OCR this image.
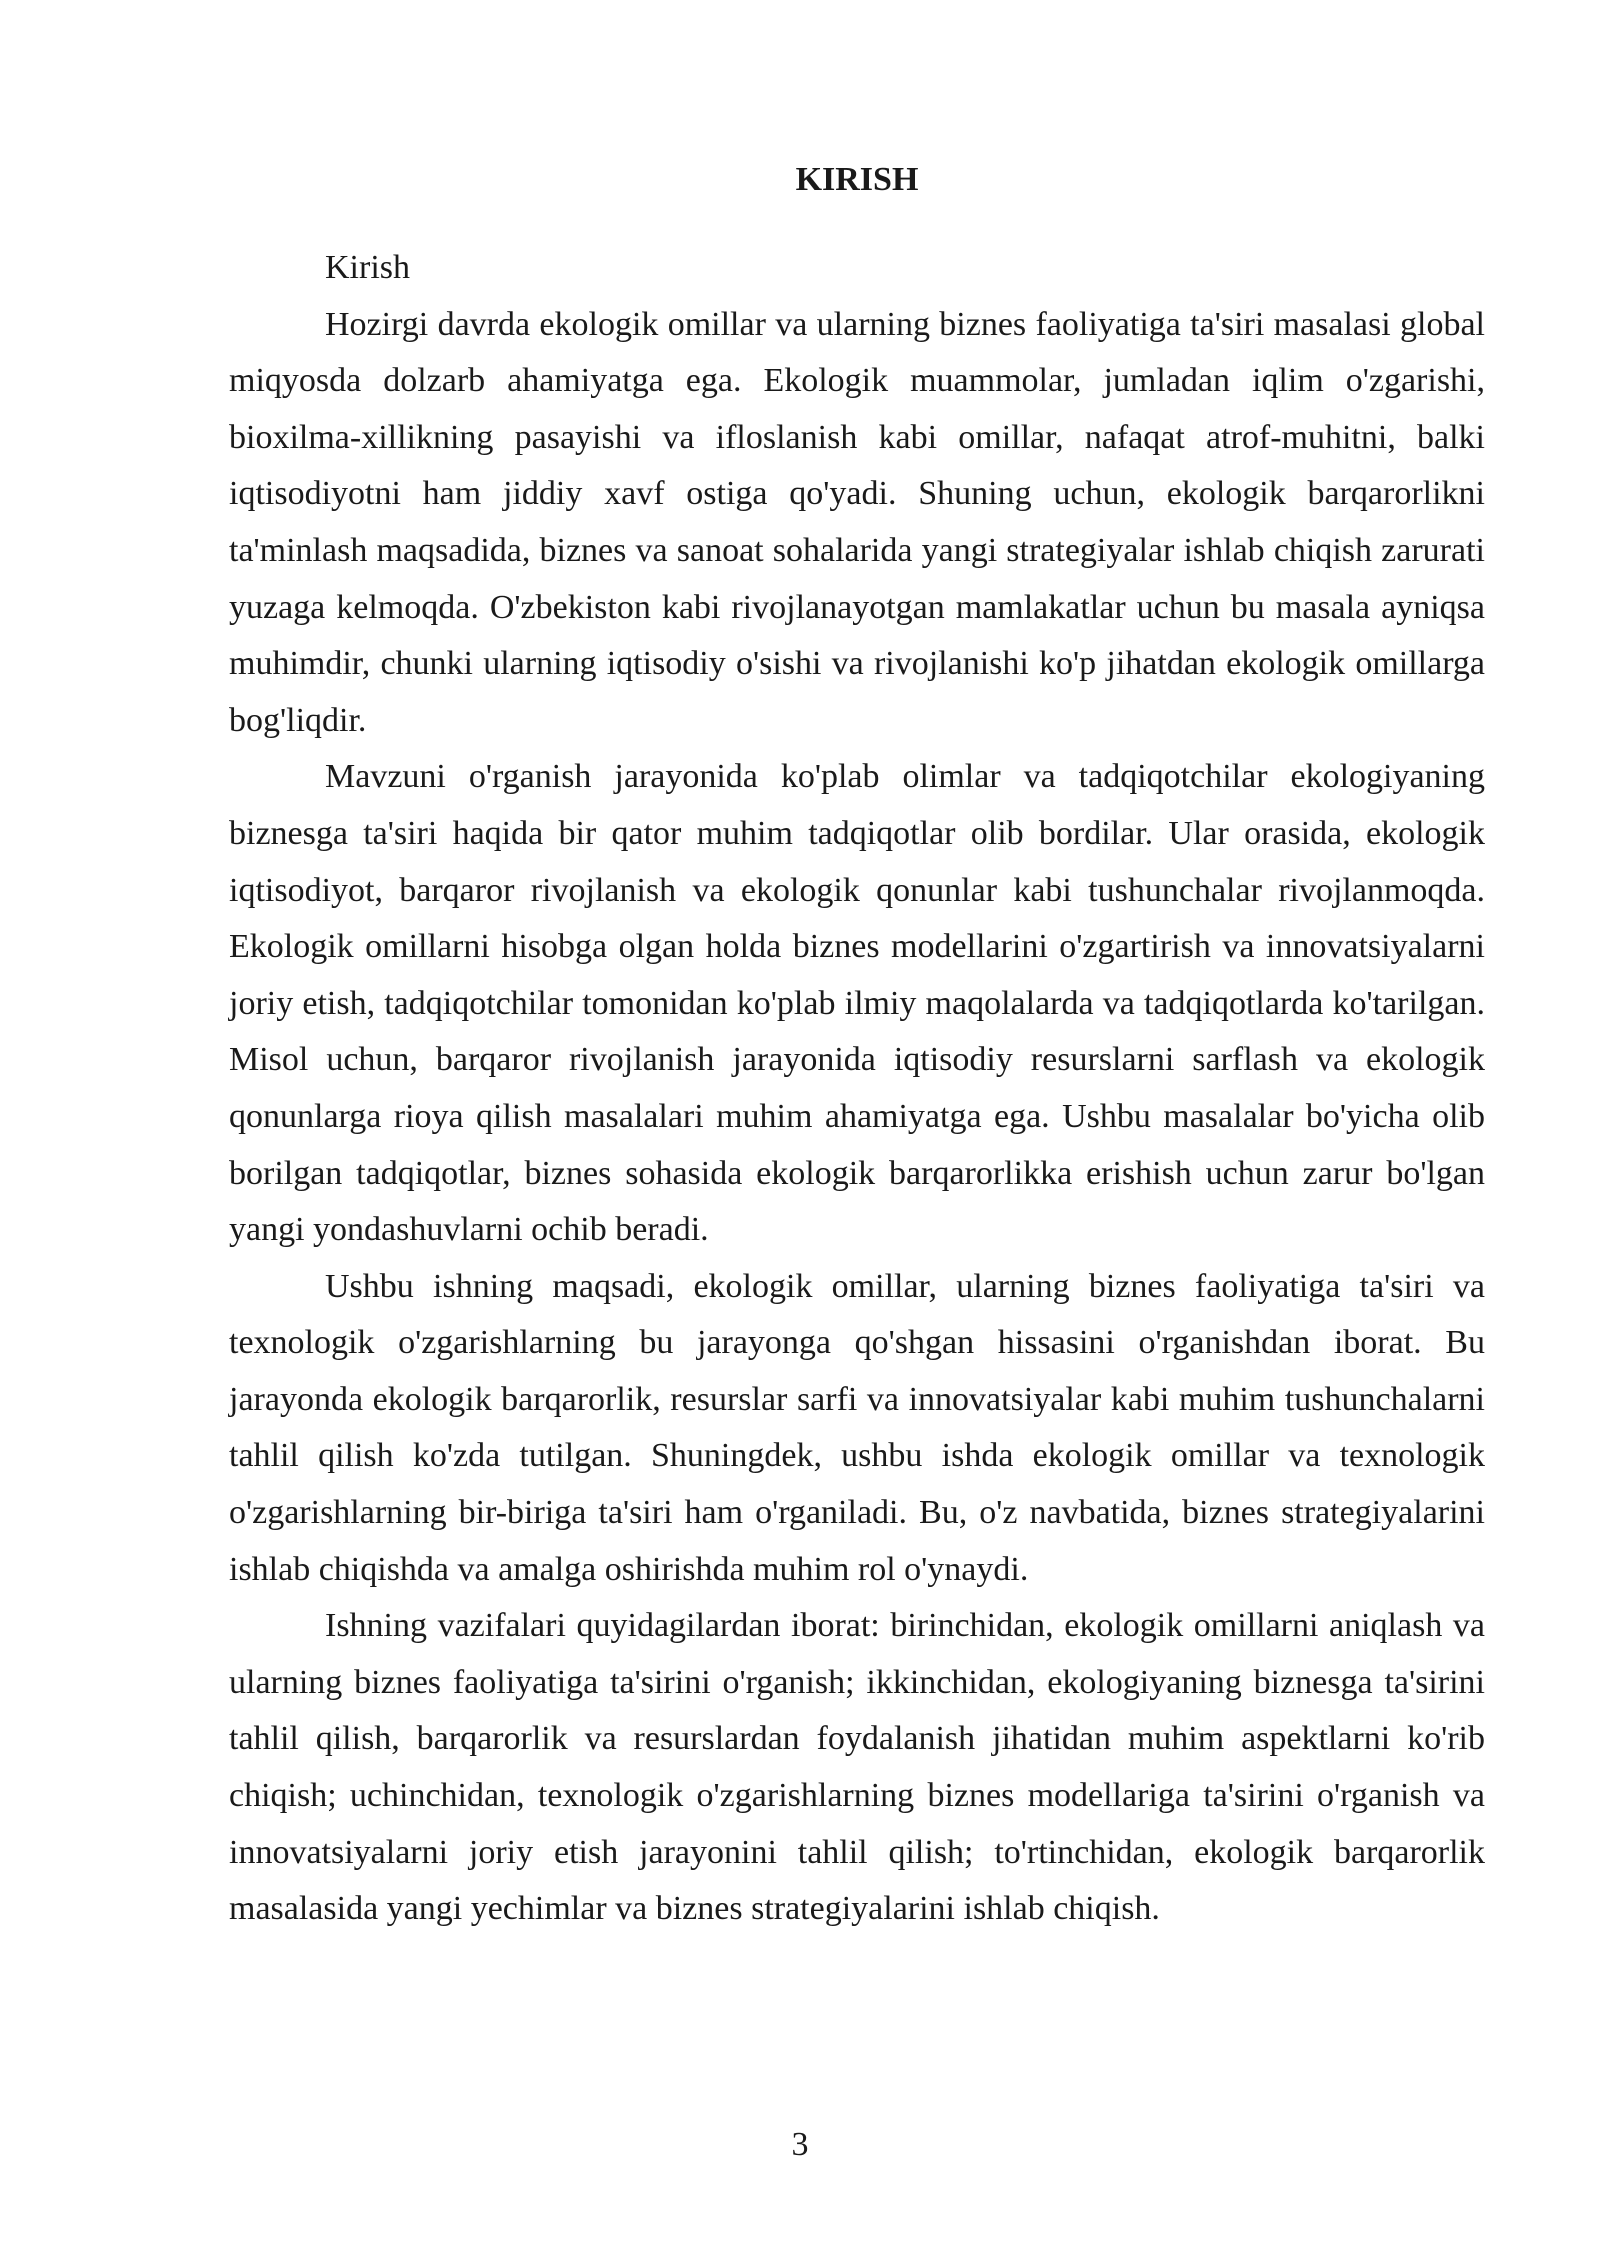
KIRISH

Kirish

Hozirgi davrda ekologik omillar va ularning biznes faoliyatiga ta'siri masalasi global miqyosda dolzarb ahamiyatga ega. Ekologik muammolar, jumladan iqlim o'zgarishi, bioxilma-xillikning pasayishi va ifloslanish kabi omillar, nafaqat atrof-muhitni, balki iqtisodiyotni ham jiddiy xavf ostiga qo'yadi. Shuning uchun, ekologik barqarorlikni ta'minlash maqsadida, biznes va sanoat sohalarida yangi strategiyalar ishlab chiqish zarurati yuzaga kelmoqda. O'zbekiston kabi rivojlanayotgan mamlakatlar uchun bu masala ayniqsa muhimdir, chunki ularning iqtisodiy o'sishi va rivojlanishi ko'p jihatdan ekologik omillarga bog'liqdir.

Mavzuni o'rganish jarayonida ko'plab olimlar va tadqiqotchilar ekologiyaning biznesga ta'siri haqida bir qator muhim tadqiqotlar olib bordilar. Ular orasida, ekologik iqtisodiyot, barqaror rivojlanish va ekologik qonunlar kabi tushunchalar rivojlanmoqda. Ekologik omillarni hisobga olgan holda biznes modellarini o'zgartirish va innovatsiyalarni joriy etish, tadqiqotchilar tomonidan ko'plab ilmiy maqolalarda va tadqiqotlarda ko'tarilgan. Misol uchun, barqaror rivojlanish jarayonida iqtisodiy resurslarni sarflash va ekologik qonunlarga rioya qilish masalalari muhim ahamiyatga ega. Ushbu masalalar bo'yicha olib borilgan tadqiqotlar, biznes sohasida ekologik barqarorlikka erishish uchun zarur bo'lgan yangi yondashuvlarni ochib beradi.

Ushbu ishning maqsadi, ekologik omillar, ularning biznes faoliyatiga ta'siri va texnologik o'zgarishlarning bu jarayonga qo'shgan hissasini o'rganishdan iborat. Bu jarayonda ekologik barqarorlik, resurslar sarfi va innovatsiyalar kabi muhim tushunchalarni tahlil qilish ko'zda tutilgan. Shuningdek, ushbu ishda ekologik omillar va texnologik o'zgarishlarning bir-biriga ta'siri ham o'rganiladi. Bu, o'z navbatida, biznes strategiyalarini ishlab chiqishda va amalga oshirishda muhim rol o'ynaydi.

Ishning vazifalari quyidagilardan iborat: birinchidan, ekologik omillarni aniqlash va ularning biznes faoliyatiga ta'sirini o'rganish; ikkinchidan, ekologiyaning biznesga ta'sirini tahlil qilish, barqarorlik va resurslardan foydalanish jihatidan muhim aspektlarni ko'rib chiqish; uchinchidan, texnologik o'zgarishlarning biznes modellariga ta'sirini o'rganish va innovatsiyalarni joriy etish jarayonini tahlil qilish; to'rtinchidan, ekologik barqarorlik masalasida yangi yechimlar va biznes strategiyalarini ishlab chiqish.

3
